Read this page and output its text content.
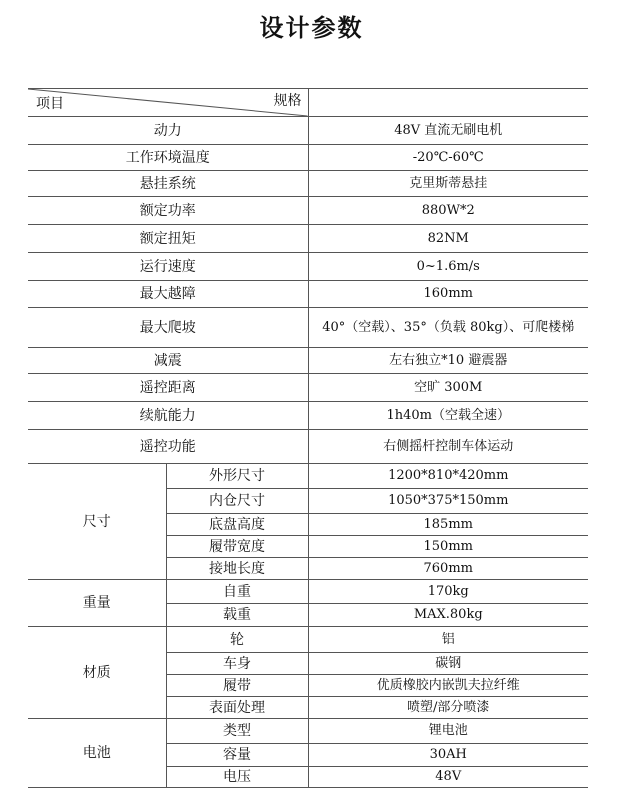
设计参数
项目 规格		

动力		48V 直流无刷电机
工作环境温度		-20℃-60℃
悬挂系统		克里斯蒂悬挂
额定功率		880W*2
额定扭矩		82NM
运行速度		0~1.6m/s
最大越障		160mm
最大爬坡		40°（空载）、35°（负载 80kg）、可爬楼梯
减震		左右独立*10 避震器
遥控距离		空旷 300M
续航能力		1h40m（空载全速）
遥控功能		右侧摇杆控制车体运动
尺寸	外形尺寸	1200*810*420mm
	内仓尺寸	1050*375*150mm
	底盘高度	185mm
	履带宽度	150mm
	接地长度	760mm
重量	自重	170kg
	载重	MAX.80kg
材质	轮	铝
	车身	碳钢
	履带	优质橡胶内嵌凯夫拉纤维
	表面处理	喷塑/部分喷漆
电池	类型	锂电池
	容量	30AH
	电压	48V
